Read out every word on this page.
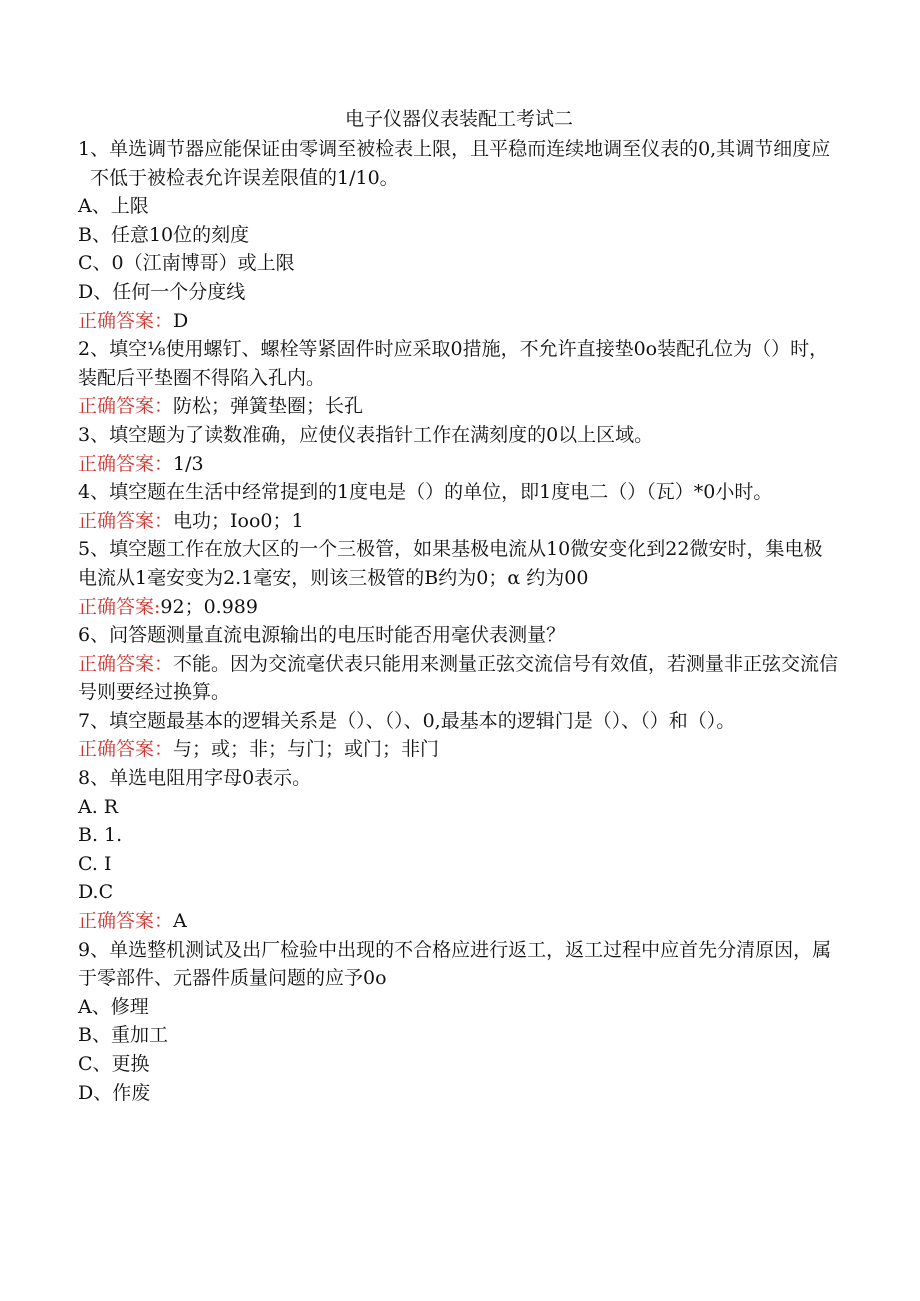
电子仪器仪表装配工考试二
1、单选调节器应能保证由零调至被检表上限，且平稳而连续地调至仪表的0,其调节细度应不低于被检表允许误差限值的1/10。
A、上限
B、任意10位的刻度
C、0（江南博哥）或上限
D、任何一个分度线
正确答案：D
2、填空⅛使用螺钉、螺栓等紧固件时应采取0措施，不允许直接垫0o装配孔位为（）时，装配后平垫圈不得陷入孔内。
正确答案：防松；弹簧垫圈；长孔
3、填空题为了读数准确，应使仪表指针工作在满刻度的0以上区域。
正确答案：1/3
4、填空题在生活中经常提到的1度电是（）的单位，即1度电二（）（瓦）*0小时。
正确答案：电功；Ioo0；1
5、填空题工作在放大区的一个三极管，如果基极电流从10微安变化到22微安时，集电极电流从1毫安变为2.1毫安，则该三极管的B约为0；α 约为00
正确答案:92；0.989
6、问答题测量直流电源输出的电压时能否用毫伏表测量？
正确答案：不能。因为交流毫伏表只能用来测量正弦交流信号有效值，若测量非正弦交流信号则要经过换算。
7、填空题最基本的逻辑关系是（）、（）、0,最基本的逻辑门是（）、（）和（）。
正确答案：与；或；非；与门；或门；非门
8、单选电阻用字母0表示。
A. R
B. 1.
C. I
D.C
正确答案：A
9、单选整机测试及出厂检验中出现的不合格应进行返工，返工过程中应首先分清原因，属于零部件、元器件质量问题的应予0o
A、修理
B、重加工
C、更换
D、作废
